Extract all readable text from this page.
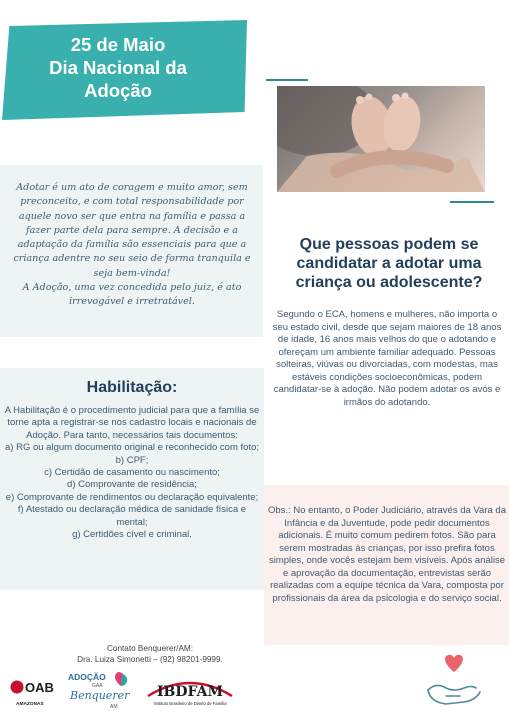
25 de Maio
Dia Nacional da
Adoção

Adotar é um ato de coragem e muito amor, sem preconceito, e com total responsabilidade por aquele novo ser que entra na família e passa a fazer parte dela para sempre. A decisão e a adaptação da família são essenciais para que a criança adentre no seu seio de forma tranquila e seja bem-vinda!

A Adoção, uma vez concedida pelo juiz, é ato irrevogável e irretratável.

Que pessoas podem se candidatar a adotar uma criança ou adolescente?
Segundo o ECA, homens e mulheres, não importa o seu estado civil, desde que sejam maiores de 18 anos de idade, 16 anos mais velhos do que o adotando e ofereçam um ambiente familiar adequado. Pessoas solteiras, viúvas ou divorciadas, com modestas, mas estáveis condições socioeconômicas, podem candidatar-se à adoção. Não podem adotar os avós e irmãos do adotando.
Habilitação:
A Habilitação é o procedimento judicial para que a família se torne apta a registrar-se nos cadastro locais e nacionais de Adoção. Para tanto, necessários tais documentos:
a) RG ou algum documento original e reconhecido com foto;
b) CPF;
c) Certidão de casamento ou nascimento;
d) Comprovante de residência;
e) Comprovante de rendimentos ou declaração equivalente;
f) Atestado ou declaração médica de sanidade física e mental;
g) Certidões cível e criminal.
Obs.: No entanto, o Poder Judiciário, através da Vara da Infância e da Juventude, pode pedir documentos adicionais. É muito comum pedirem fotos. São para serem mostradas às crianças, por isso prefira fotos simples, onde vocês estejam bem visíveis. Após análise e aprovação da documentação, entrevistas serão realizadas com a equipe técnica da Vara, composta por profissionais da área da psicologia e do serviço social.
Contato Benquerer/AM:
Dra. Luiza Simonetti – (92) 98201-9999.
OAB
AMAZONAS
ADOÇÃO
GAA
Benquerer
AM
IBDFAM
Instituto Brasileiro de Direito de Família
